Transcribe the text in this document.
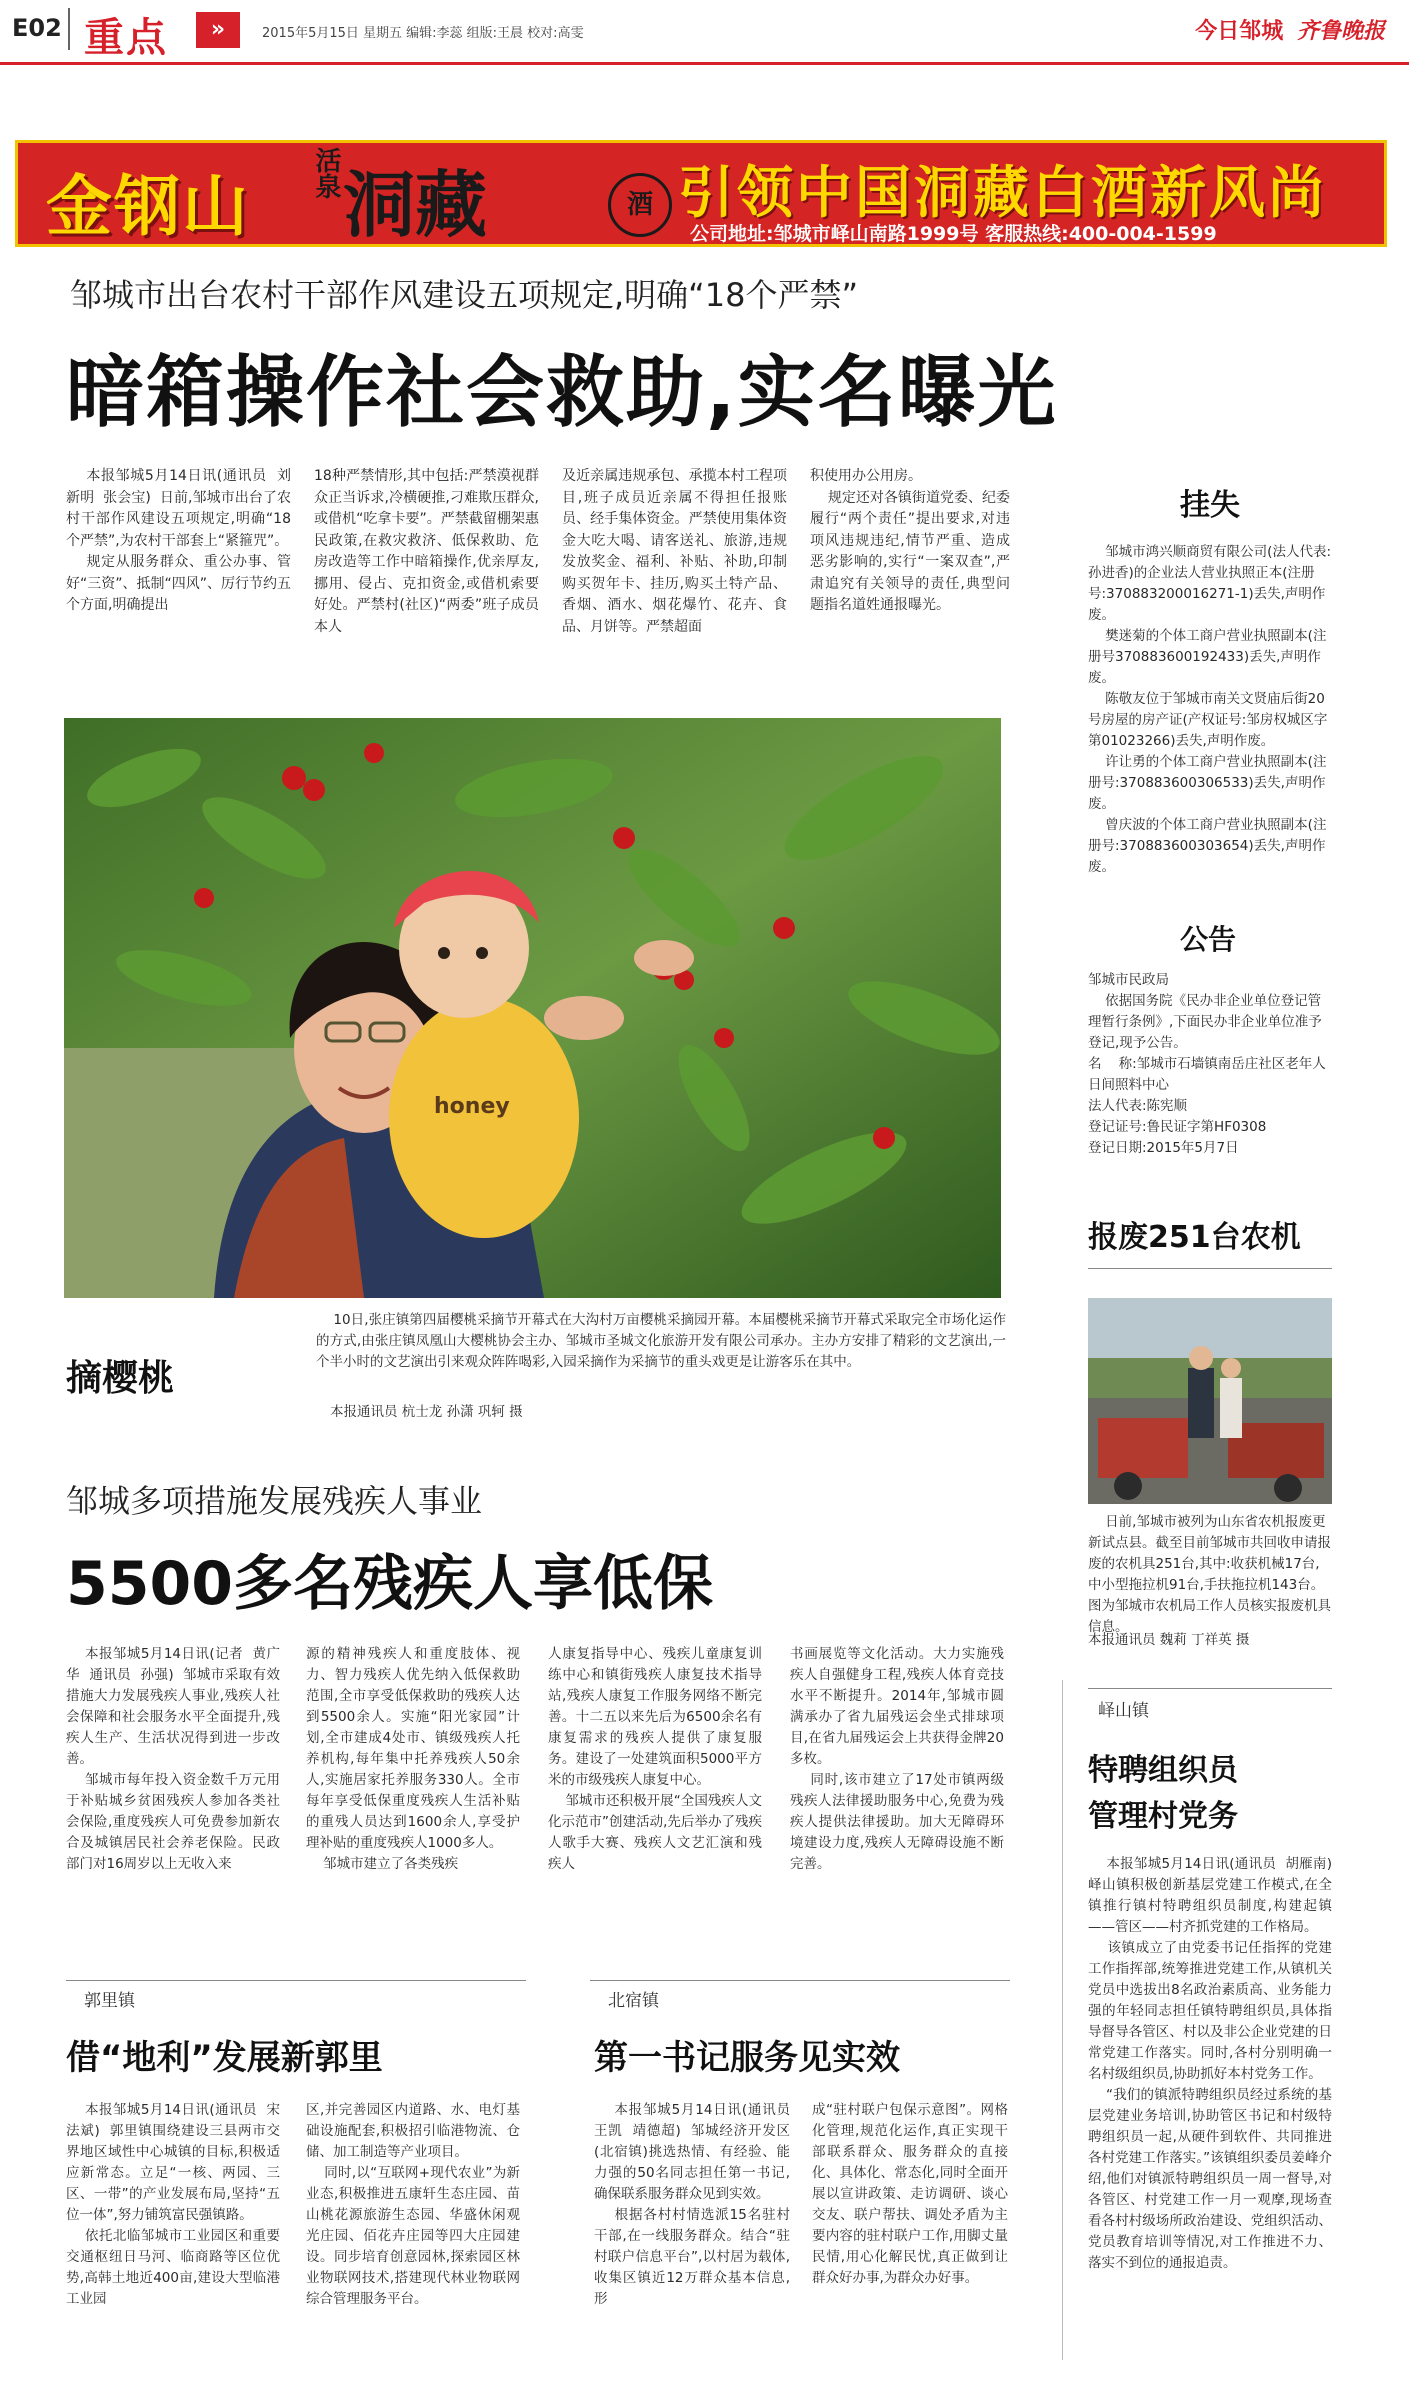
E02 重点	»	2015年5月15日 星期五 编辑:李蕊 组版:王晨 校对:高雯	今日邹城 齐鲁晚报
金钢山 活泉 洞藏	酒 引领中国洞藏白酒新风尚
公司地址:邹城市峄山南路1999号 客服热线:400-004-1599
邹城市出台农村干部作风建设五项规定,明确“18个严禁”
暗箱操作社会救助,实名曝光
本报邹城5月14日讯(通讯员  刘新明  张会宝)  日前,邹城市出台了农村干部作风建设五项规定,明确“18个严禁”,为农村干部套上“紧箍咒”。
规定从服务群众、重公办事、管好“三资”、抵制“四风”、厉行节约五个方面,明确提出
18种严禁情形,其中包括:严禁漠视群众正当诉求,冷横硬推,刁难欺压群众,或借机“吃拿卡要”。严禁截留棚架惠民政策,在救灾救济、低保救助、危房改造等工作中暗箱操作,优亲厚友,挪用、侵占、克扣资金,或借机索要好处。严禁村(社区)“两委”班子成员本人
及近亲属违规承包、承揽本村工程项目,班子成员近亲属不得担任报账员、经手集体资金。严禁使用集体资金大吃大喝、请客送礼、旅游,违规发放奖金、福利、补贴、补助,印制购买贺年卡、挂历,购买土特产品、香烟、酒水、烟花爆竹、花卉、食品、月饼等。严禁超面
积使用办公用房。
规定还对各镇街道党委、纪委履行“两个责任”提出要求,对违项风违规违纪,情节严重、造成恶劣影响的,实行“一案双查”,严肃追究有关领导的责任,典型问题指名道姓通报曝光。
honey
摘樱桃
10日,张庄镇第四届樱桃采摘节开幕式在大沟村万亩樱桃采摘园开幕。本届樱桃采摘节开幕式采取完全市场化运作的方式,由张庄镇凤凰山大樱桃协会主办、邹城市圣城文化旅游开发有限公司承办。主办方安排了精彩的文艺演出,一个半小时的文艺演出引来观众阵阵喝彩,入园采摘作为采摘节的重头戏更是让游客乐在其中。
本报通讯员 杭士龙 孙潇 巩轲 摄
挂失
邹城市鸿兴顺商贸有限公司(法人代表:孙进香)的企业法人营业执照正本(注册号:370883200016271-1)丢失,声明作废。
樊迷菊的个体工商户营业执照副本(注册号370883600192433)丢失,声明作废。
陈敬友位于邹城市南关文贤庙后街20号房屋的房产证(产权证号:邹房权城区字第01023266)丢失,声明作废。
许让勇的个体工商户营业执照副本(注册号:370883600306533)丢失,声明作废。
曾庆波的个体工商户营业执照副本(注册号:370883600303654)丢失,声明作废。
公告
邹城市民政局
依据国务院《民办非企业单位登记管理暂行条例》,下面民办非企业单位准予登记,现予公告。
名    称:邹城市石墙镇南岳庄社区老年人日间照料中心
法人代表:陈宪顺
登记证号:鲁民证字第HF0308
登记日期:2015年5月7日
报废251台农机
日前,邹城市被列为山东省农机报废更新试点县。截至目前邹城市共回收申请报废的农机具251台,其中:收获机械17台,中小型拖拉机91台,手扶拖拉机143台。图为邹城市农机局工作人员核实报废机具信息。
本报通讯员 魏莉 丁祥英 摄
峄山镇
特聘组织员
管理村党务
本报邹城5月14日讯(通讯员  胡雁南)  峄山镇积极创新基层党建工作模式,在全镇推行镇村特聘组织员制度,构建起镇——管区——村齐抓党建的工作格局。
该镇成立了由党委书记任指挥的党建工作指挥部,统筹推进党建工作,从镇机关党员中选拔出8名政治素质高、业务能力强的年轻同志担任镇特聘组织员,具体指导督导各管区、村以及非公企业党建的日常党建工作落实。同时,各村分别明确一名村级组织员,协助抓好本村党务工作。
“我们的镇派特聘组织员经过系统的基层党建业务培训,协助管区书记和村级特聘组织员一起,从硬件到软件、共同推进各村党建工作落实。”该镇组织委员姜峰介绍,他们对镇派特聘组织员一周一督导,对各管区、村党建工作一月一观摩,现场查看各村村级场所政治建设、党组织活动、党员教育培训等情况,对工作推进不力、落实不到位的通报追责。
邹城多项措施发展残疾人事业
5500多名残疾人享低保
本报邹城5月14日讯(记者  黄广华  通讯员  孙强)  邹城市采取有效措施大力发展残疾人事业,残疾人社会保障和社会服务水平全面提升,残疾人生产、生活状况得到进一步改善。
邹城市每年投入资金数千万元用于补贴城乡贫困残疾人参加各类社会保险,重度残疾人可免费参加新农合及城镇居民社会养老保险。民政部门对16周岁以上无收入来
源的精神残疾人和重度肢体、视力、智力残疾人优先纳入低保救助范围,全市享受低保救助的残疾人达到5500余人。实施“阳光家园”计划,全市建成4处市、镇级残疾人托养机构,每年集中托养残疾人50余人,实施居家托养服务330人。全市每年享受低保重度残疾人生活补贴的重残人员达到1600余人,享受护理补贴的重度残疾人1000多人。
邹城市建立了各类残疾
人康复指导中心、残疾儿童康复训练中心和镇街残疾人康复技术指导站,残疾人康复工作服务网络不断完善。十二五以来先后为6500余名有康复需求的残疾人提供了康复服务。建设了一处建筑面积5000平方米的市级残疾人康复中心。
邹城市还积极开展“全国残疾人文化示范市”创建活动,先后举办了残疾人歌手大赛、残疾人文艺汇演和残疾人
书画展览等文化活动。大力实施残疾人自强健身工程,残疾人体育竞技水平不断提升。2014年,邹城市圆满承办了省九届残运会坐式排球项目,在省九届残运会上共获得金牌20多枚。
同时,该市建立了17处市镇两级残疾人法律援助服务中心,免费为残疾人提供法律援助。加大无障碍环境建设力度,残疾人无障碍设施不断完善。
郭里镇
借“地利”发展新郭里
本报邹城5月14日讯(通讯员  宋法斌)  郭里镇围绕建设三县两市交界地区域性中心城镇的目标,积极适应新常态。立足“一核、两园、三区、一带”的产业发展布局,坚持“五位一体”,努力铺筑富民强镇路。
依托北临邹城市工业园区和重要交通枢纽日马河、临商路等区位优势,高韩土地近400亩,建设大型临港工业园
区,并完善园区内道路、水、电灯基础设施配套,积极招引临港物流、仓储、加工制造等产业项目。
同时,以“互联网+现代农业”为新业态,积极推进五康轩生态庄园、苗山桃花源旅游生态园、华盛休闲观光庄园、佰花卉庄园等四大庄园建设。同步培育创意园林,探索园区林业物联网技术,搭建现代林业物联网综合管理服务平台。
北宿镇
第一书记服务见实效
本报邹城5月14日讯(通讯员  王凯  靖德超)  邹城经济开发区(北宿镇)挑选热情、有经验、能力强的50名同志担任第一书记,确保联系服务群众见到实效。
根据各村村情选派15名驻村干部,在一线服务群众。结合“驻村联户信息平台”,以村居为载体,收集区镇近12万群众基本信息,形
成“驻村联户包保示意图”。网格化管理,规范化运作,真正实现干部联系群众、服务群众的直接化、具体化、常态化,同时全面开展以宣讲政策、走访调研、谈心交友、联户帮扶、调处矛盾为主要内容的驻村联户工作,用脚丈量民情,用心化解民忧,真正做到让群众好办事,为群众办好事。
